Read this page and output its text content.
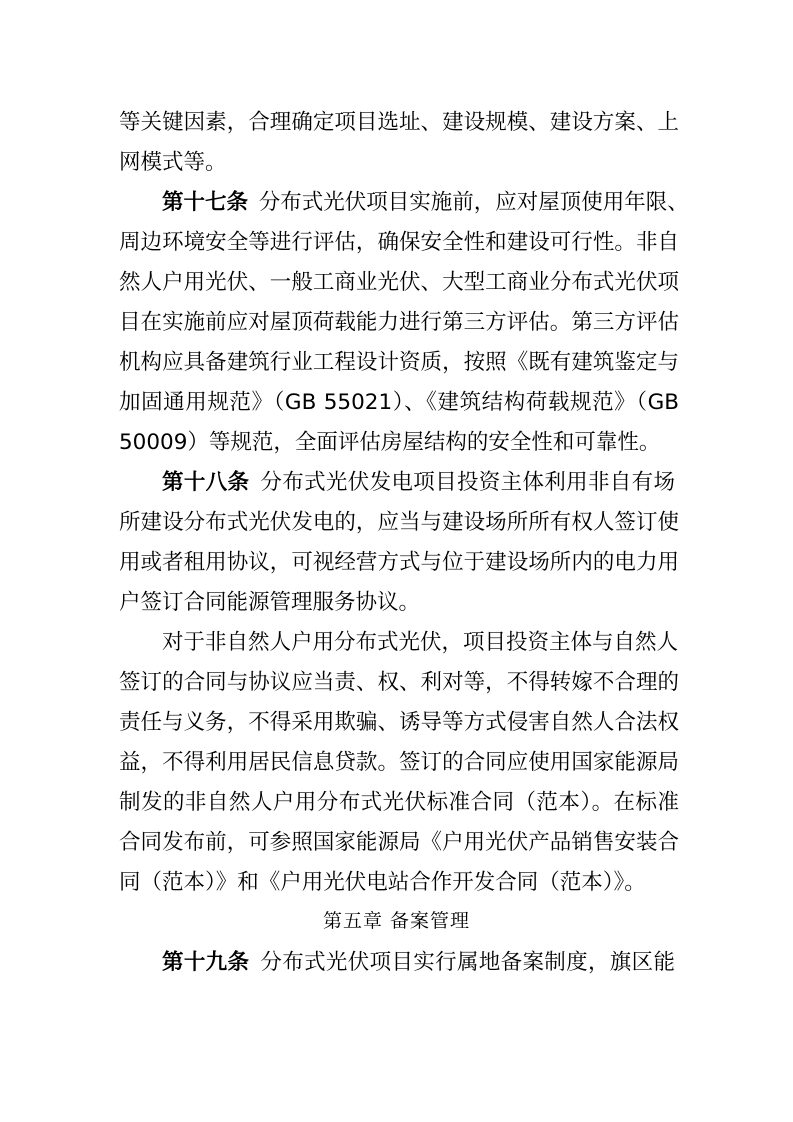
等关键因素，合理确定项目选址、建设规模、建设方案、上
网模式等。
第十七条  分布式光伏项目实施前，应对屋顶使用年限、
周边环境安全等进行评估，确保安全性和建设可行性。非自
然人户用光伏、一般工商业光伏、大型工商业分布式光伏项
目在实施前应对屋顶荷载能力进行第三方评估。第三方评估
机构应具备建筑行业工程设计资质，按照《既有建筑鉴定与
加固通用规范》（GB 55021）、《建筑结构荷载规范》（GB
50009）等规范，全面评估房屋结构的安全性和可靠性。
第十八条  分布式光伏发电项目投资主体利用非自有场
所建设分布式光伏发电的，应当与建设场所所有权人签订使
用或者租用协议，可视经营方式与位于建设场所内的电力用
户签订合同能源管理服务协议。
对于非自然人户用分布式光伏，项目投资主体与自然人
签订的合同与协议应当责、权、利对等，不得转嫁不合理的
责任与义务，不得采用欺骗、诱导等方式侵害自然人合法权
益，不得利用居民信息贷款。签订的合同应使用国家能源局
制发的非自然人户用分布式光伏标准合同（范本）。在标准
合同发布前，可参照国家能源局《户用光伏产品销售安装合
同（范本）》和《户用光伏电站合作开发合同（范本）》。
第五章 备案管理
第十九条  分布式光伏项目实行属地备案制度，旗区能
